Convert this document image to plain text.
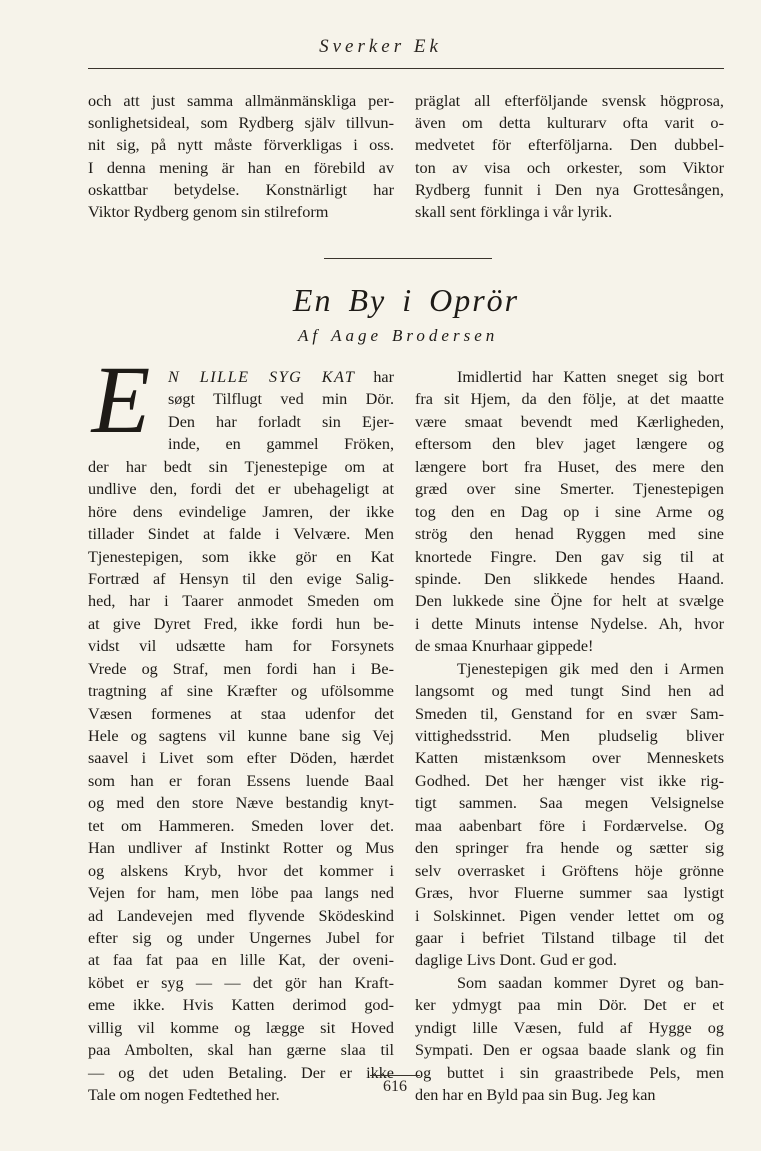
Sverker Ek
och att just samma allmänmänskliga per-
sonlighetsideal, som Rydberg själv tillvun-
nit sig, på nytt måste förverkligas i oss.
I denna mening är han en förebild av
oskattbar betydelse. Konstnärligt har
Viktor Rydberg genom sin stilreform
präglat all efterföljande svensk högprosa,
även om detta kulturarv ofta varit o-
medvetet för efterföljarna. Den dubbel-
ton av visa och orkester, som Viktor
Rydberg funnit i Den nya Grottesången,
skall sent förklinga i vår lyrik.
En By i Oprör
Af Aage Brodersen
E	N LILLE SYG KAT har
søgt Tilflugt ved min Dör.
Den har forladt sin Ejer-
inde, en gammel Fröken,
der har bedt sin Tjenestepige om at
undlive den, fordi det er ubehageligt at
höre dens evindelige Jamren, der ikke
tillader Sindet at falde i Velvære. Men
Tjenestepigen, som ikke gör en Kat
Fortræd af Hensyn til den evige Salig-
hed, har i Taarer anmodet Smeden om
at give Dyret Fred, ikke fordi hun be-
vidst vil udsætte ham for Forsynets
Vrede og Straf, men fordi han i Be-
tragtning af sine Kræfter og ufölsomme
Væsen formenes at staa udenfor det
Hele og sagtens vil kunne bane sig Vej
saavel i Livet som efter Döden, hærdet
som han er foran Essens luende Baal
og med den store Næve bestandig knyt-
tet om Hammeren. Smeden lover det.
Han undliver af Instinkt Rotter og Mus
og alskens Kryb, hvor det kommer i
Vejen for ham, men löbe paa langs ned
ad Landevejen med flyvende Sködeskind
efter sig og under Ungernes Jubel for
at faa fat paa en lille Kat, der oveni-
köbet er syg — — det gör han Kraft-
eme ikke. Hvis Katten derimod god-
villig vil komme og lægge sit Hoved
paa Ambolten, skal han gærne slaa til
— og det uden Betaling. Der er ikke
Tale om nogen Fedtethed her.
Imidlertid har Katten sneget sig bort
fra sit Hjem, da den följe, at det maatte
være smaat bevendt med Kærligheden,
eftersom den blev jaget længere og
længere bort fra Huset, des mere den
græd over sine Smerter. Tjenestepigen
tog den en Dag op i sine Arme og
strög den henad Ryggen med sine
knortede Fingre. Den gav sig til at
spinde. Den slikkede hendes Haand.
Den lukkede sine Öjne for helt at svælge
i dette Minuts intense Nydelse. Ah, hvor
de smaa Knurhaar gippede!
Tjenestepigen gik med den i Armen
langsomt og med tungt Sind hen ad
Smeden til, Genstand for en svær Sam-
vittighedsstrid. Men pludselig bliver
Katten mistænksom over Menneskets
Godhed. Det her hænger vist ikke rig-
tigt sammen. Saa megen Velsignelse
maa aabenbart före i Fordærvelse. Og
den springer fra hende og sætter sig
selv overrasket i Gröftens höje grönne
Græs, hvor Fluerne summer saa lystigt
i Solskinnet. Pigen vender lettet om og
gaar i befriet Tilstand tilbage til det
daglige Livs Dont. Gud er god.
Som saadan kommer Dyret og ban-
ker ydmygt paa min Dör. Det er et
yndigt lille Væsen, fuld af Hygge og
Sympati. Den er ogsaa baade slank og fin
og buttet i sin graastribede Pels, men
den har en Byld paa sin Bug. Jeg kan
616
